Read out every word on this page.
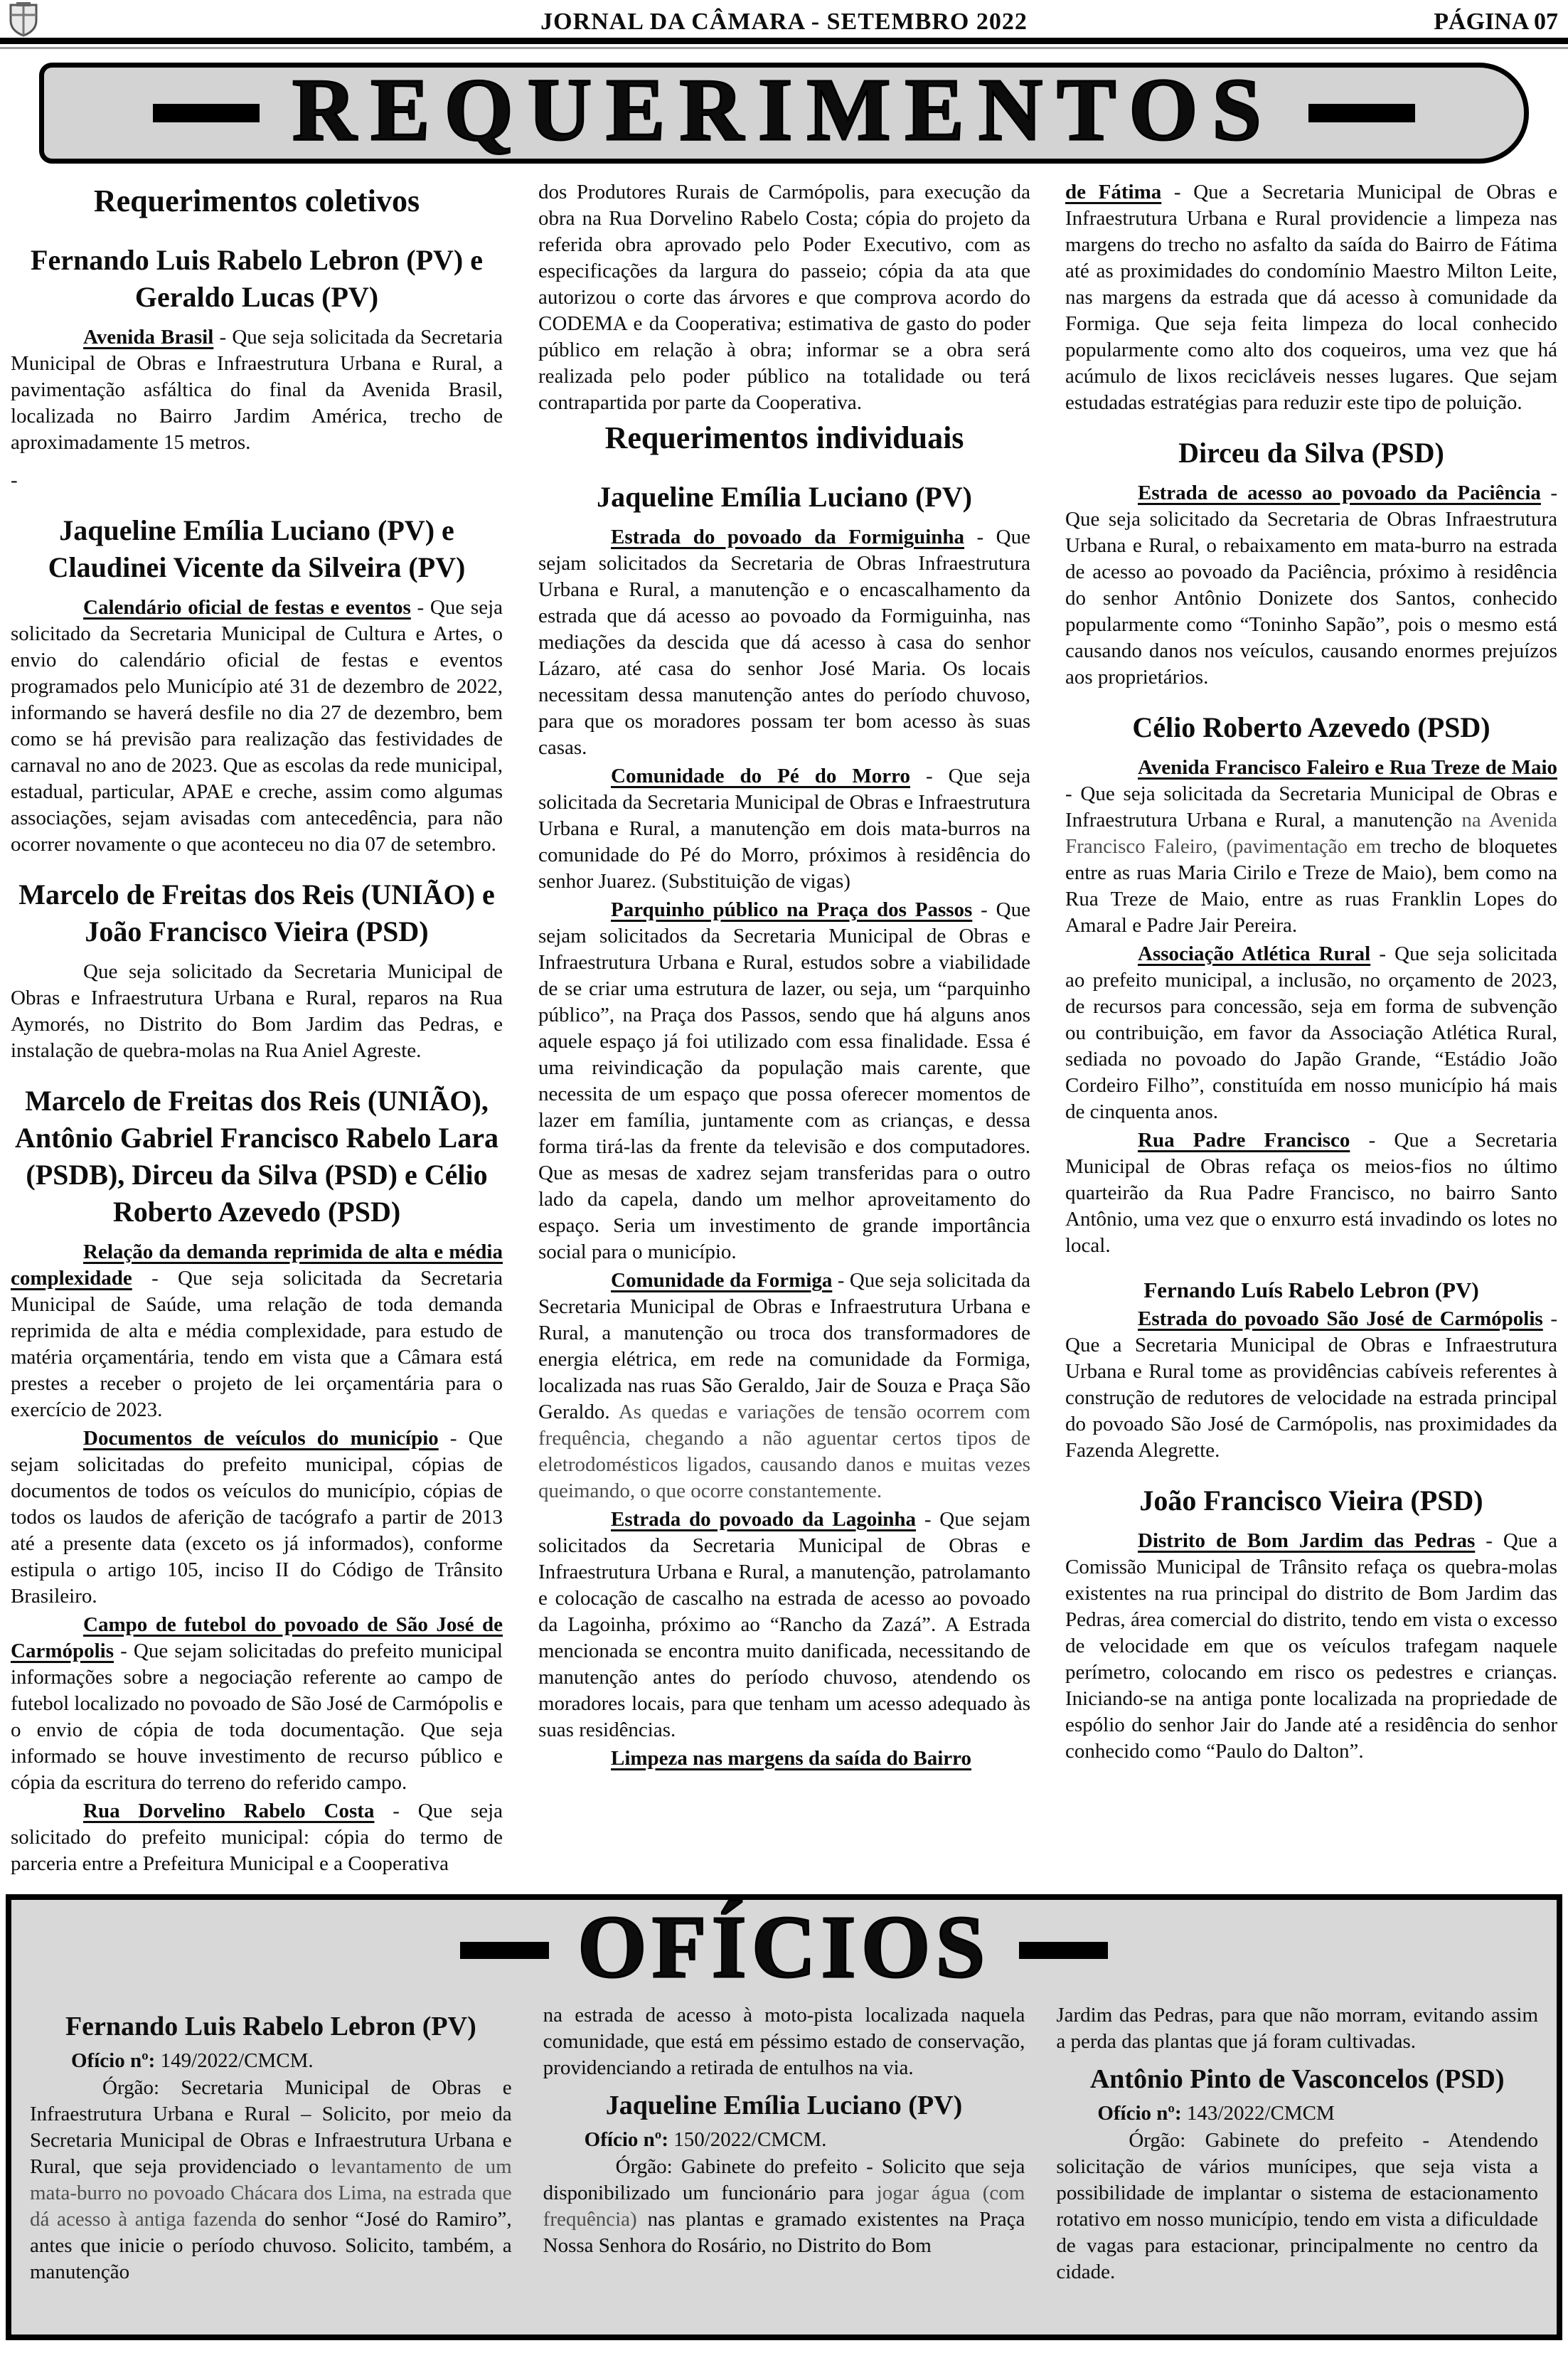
JORNAL DA CÂMARA - SETEMBRO 2022	PÁGINA 07
REQUERIMENTOS
Requerimentos coletivos
Fernando Luis Rabelo Lebron (PV) e Geraldo Lucas (PV)

Avenida Brasil - Que seja solicitada da Secretaria Municipal de Obras e Infraestrutura Urbana e Rural, a pavimentação asfáltica do final da Avenida Brasil, localizada no Bairro Jardim América, trecho de aproximadamente 15 metros.

-

Jaqueline Emília Luciano (PV) e Claudinei Vicente da Silveira (PV)

Calendário oficial de festas e eventos - Que seja solicitado da Secretaria Municipal de Cultura e Artes, o envio do calendário oficial de festas e eventos programados pelo Município até 31 de dezembro de 2022, informando se haverá desfile no dia 27 de dezembro, bem como se há previsão para realização das festividades de carnaval no ano de 2023. Que as escolas da rede municipal, estadual, particular, APAE e creche, assim como algumas associações, sejam avisadas com antecedência, para não ocorrer novamente o que aconteceu no dia 07 de setembro.

Marcelo de Freitas dos Reis (UNIÃO) e João Francisco Vieira (PSD)

Que seja solicitado da Secretaria Municipal de Obras e Infraestrutura Urbana e Rural, reparos na Rua Aymorés, no Distrito do Bom Jardim das Pedras, e instalação de quebra-molas na Rua Aniel Agreste.

Marcelo de Freitas dos Reis (UNIÃO), Antônio Gabriel Francisco Rabelo Lara (PSDB), Dirceu da Silva (PSD) e Célio Roberto Azevedo (PSD)

Relação da demanda reprimida de alta e média complexidade - Que seja solicitada da Secretaria Municipal de Saúde, uma relação de toda demanda reprimida de alta e média complexidade, para estudo de matéria orçamentária, tendo em vista que a Câmara está prestes a receber o projeto de lei orçamentária para o exercício de 2023.

Documentos de veículos do município - Que sejam solicitadas do prefeito municipal, cópias de documentos de todos os veículos do município, cópias de todos os laudos de aferição de tacógrafo a partir de 2013 até a presente data (exceto os já informados), conforme estipula o artigo 105, inciso II do Código de Trânsito Brasileiro.

Campo de futebol do povoado de São José de Carmópolis - Que sejam solicitadas do prefeito municipal informações sobre a negociação referente ao campo de futebol localizado no povoado de São José de Carmópolis e o envio de cópia de toda documentação. Que seja informado se houve investimento de recurso público e cópia da escritura do terreno do referido campo.

Rua Dorvelino Rabelo Costa - Que seja solicitado do prefeito municipal: cópia do termo de parceria entre a Prefeitura Municipal e a Cooperativa

dos Produtores Rurais de Carmópolis, para execução da obra na Rua Dorvelino Rabelo Costa; cópia do projeto da referida obra aprovado pelo Poder Executivo, com as especificações da largura do passeio; cópia da ata que autorizou o corte das árvores e que comprova acordo do CODEMA e da Cooperativa; estimativa de gasto do poder público em relação à obra; informar se a obra será realizada pelo poder público na totalidade ou terá contrapartida por parte da Cooperativa.

Requerimentos individuais
Jaqueline Emília Luciano (PV)

Estrada do povoado da Formiguinha - Que sejam solicitados da Secretaria de Obras Infraestrutura Urbana e Rural, a manutenção e o encascalhamento da estrada que dá acesso ao povoado da Formiguinha, nas mediações da descida que dá acesso à casa do senhor Lázaro, até casa do senhor José Maria. Os locais necessitam dessa manutenção antes do período chuvoso, para que os moradores possam ter bom acesso às suas casas.

Comunidade do Pé do Morro - Que seja solicitada da Secretaria Municipal de Obras e Infraestrutura Urbana e Rural, a manutenção em dois mata-burros na comunidade do Pé do Morro, próximos à residência do senhor Juarez. (Substituição de vigas)

Parquinho público na Praça dos Passos - Que sejam solicitados da Secretaria Municipal de Obras e Infraestrutura Urbana e Rural, estudos sobre a viabilidade de se criar uma estrutura de lazer, ou seja, um “parquinho público”, na Praça dos Passos, sendo que há alguns anos aquele espaço já foi utilizado com essa finalidade. Essa é uma reivindicação da população mais carente, que necessita de um espaço que possa oferecer momentos de lazer em família, juntamente com as crianças, e dessa forma tirá-las da frente da televisão e dos computadores. Que as mesas de xadrez sejam transferidas para o outro lado da capela, dando um melhor aproveitamento do espaço. Seria um investimento de grande importância social para o município.

Comunidade da Formiga - Que seja solicitada da Secretaria Municipal de Obras e Infraestrutura Urbana e Rural, a manutenção ou troca dos transformadores de energia elétrica, em rede na comunidade da Formiga, localizada nas ruas São Geraldo, Jair de Souza e Praça São Geraldo. As quedas e variações de tensão ocorrem com frequência, chegando a não aguentar certos tipos de eletrodomésticos ligados, causando danos e muitas vezes queimando, o que ocorre constantemente.

Estrada do povoado da Lagoinha - Que sejam solicitados da Secretaria Municipal de Obras e Infraestrutura Urbana e Rural, a manutenção, patrolamanto e colocação de cascalho na estrada de acesso ao povoado da Lagoinha, próximo ao “Rancho da Zazá”. A Estrada mencionada se encontra muito danificada, necessitando de manutenção antes do período chuvoso, atendendo os moradores locais, para que tenham um acesso adequado às suas residências.

Limpeza nas margens da saída do Bairro

de Fátima - Que a Secretaria Municipal de Obras e Infraestrutura Urbana e Rural providencie a limpeza nas margens do trecho no asfalto da saída do Bairro de Fátima até as proximidades do condomínio Maestro Milton Leite, nas margens da estrada que dá acesso à comunidade da Formiga. Que seja feita limpeza do local conhecido popularmente como alto dos coqueiros, uma vez que há acúmulo de lixos recicláveis nesses lugares. Que sejam estudadas estratégias para reduzir este tipo de poluição.

Dirceu da Silva (PSD)

Estrada de acesso ao povoado da Paciência - Que seja solicitado da Secretaria de Obras Infraestrutura Urbana e Rural, o rebaixamento em mata-burro na estrada de acesso ao povoado da Paciência, próximo à residência do senhor Antônio Donizete dos Santos, conhecido popularmente como “Toninho Sapão”, pois o mesmo está causando danos nos veículos, causando enormes prejuízos aos proprietários.

Célio Roberto Azevedo (PSD)

Avenida Francisco Faleiro e Rua Treze de Maio - Que seja solicitada da Secretaria Municipal de Obras e Infraestrutura Urbana e Rural, a manutenção na Avenida Francisco Faleiro, (pavimentação em trecho de bloquetes entre as ruas Maria Cirilo e Treze de Maio), bem como na Rua Treze de Maio, entre as ruas Franklin Lopes do Amaral e Padre Jair Pereira.

Associação Atlética Rural - Que seja solicitada ao prefeito municipal, a inclusão, no orçamento de 2023, de recursos para concessão, seja em forma de subvenção ou contribuição, em favor da Associação Atlética Rural, sediada no povoado do Japão Grande, “Estádio João Cordeiro Filho”, constituída em nosso município há mais de cinquenta anos.

Rua Padre Francisco - Que a Secretaria Municipal de Obras refaça os meios-fios no último quarteirão da Rua Padre Francisco, no bairro Santo Antônio, uma vez que o enxurro está invadindo os lotes no local.

Fernando Luís Rabelo Lebron (PV)

Estrada do povoado São José de Carmópolis - Que a Secretaria Municipal de Obras e Infraestrutura Urbana e Rural tome as providências cabíveis referentes à construção de redutores de velocidade na estrada principal do povoado São José de Carmópolis, nas proximidades da Fazenda Alegrette.

João Francisco Vieira (PSD)

Distrito de Bom Jardim das Pedras - Que a Comissão Municipal de Trânsito refaça os quebra-molas existentes na rua principal do distrito de Bom Jardim das Pedras, área comercial do distrito, tendo em vista o excesso de velocidade em que os veículos trafegam naquele perímetro, colocando em risco os pedestres e crianças. Iniciando-se na antiga ponte localizada na propriedade de espólio do senhor Jair do Jande até a residência do senhor conhecido como “Paulo do Dalton”.

OFÍCIOS
Fernando Luis Rabelo Lebron (PV)

Ofício nº: 149/2022/CMCM.

Órgão: Secretaria Municipal de Obras e Infraestrutura Urbana e Rural – Solicito, por meio da Secretaria Municipal de Obras e Infraestrutura Urbana e Rural, que seja providenciado o levantamento de um mata-burro no povoado Chácara dos Lima, na estrada que dá acesso à antiga fazenda do senhor “José do Ramiro”, antes que inicie o período chuvoso. Solicito, também, a manutenção

na estrada de acesso à moto-pista localizada naquela comunidade, que está em péssimo estado de conservação, providenciando a retirada de entulhos na via.

Jaqueline Emília Luciano (PV)

Ofício nº: 150/2022/CMCM.

Órgão: Gabinete do prefeito - Solicito que seja disponibilizado um funcionário para jogar água (com frequência) nas plantas e gramado existentes na Praça Nossa Senhora do Rosário, no Distrito do Bom

Jardim das Pedras, para que não morram, evitando assim a perda das plantas que já foram cultivadas.

Antônio Pinto de Vasconcelos (PSD)

Ofício nº: 143/2022/CMCM

Órgão: Gabinete do prefeito - Atendendo solicitação de vários munícipes, que seja vista a possibilidade de implantar o sistema de estacionamento rotativo em nosso município, tendo em vista a dificuldade de vagas para estacionar, principalmente no centro da cidade.
